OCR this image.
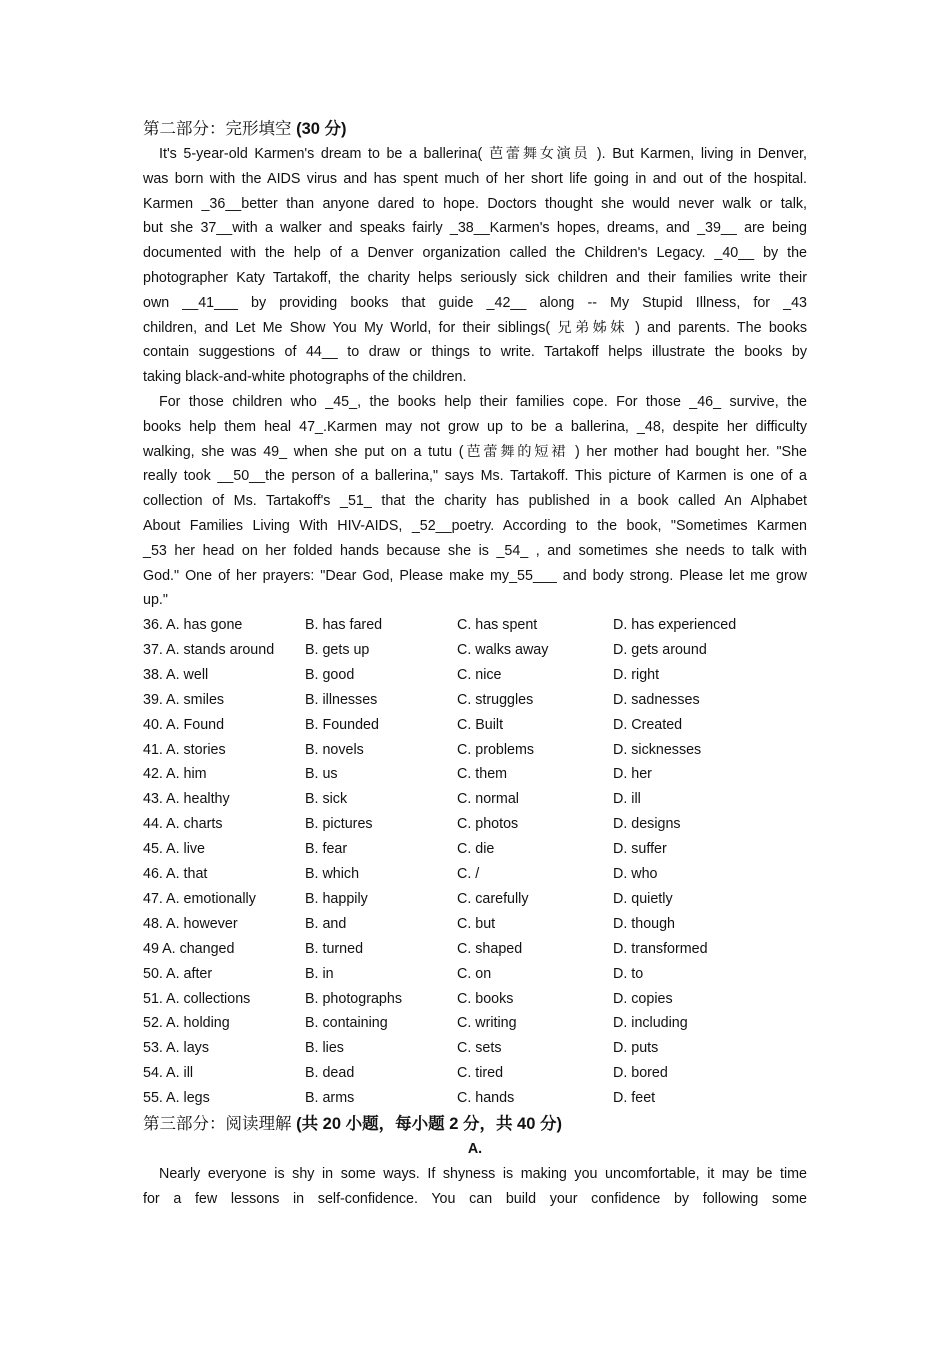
第二部分：完形填空 (30 分)
It's 5-year-old Karmen's dream to be a ballerina( 芭蕾舞女演员 ). But Karmen, living in Denver,
was born with the AIDS virus and has spent much of her short life going in and out of the hospital.
Karmen _36__better than anyone dared to hope. Doctors thought she would never walk or talk,
but she 37__with a walker and speaks fairly _38__Karmen's hopes, dreams, and _39__ are being
documented with the help of a Denver organization called the Children's Legacy. _40__ by the
photographer Katy Tartakoff, the charity helps seriously sick children and their families write their
own __41___ by providing books that guide _42__ along -- My Stupid Illness, for _43
children, and Let Me Show You My World, for their siblings( 兄弟姊妹 ) and parents. The books
contain suggestions of 44__ to draw or things to write. Tartakoff helps illustrate the books by
taking black-and-white photographs of the children.
For those children who _45_, the books help their families cope. For those _46_ survive, the
books help them heal 47_.Karmen may not grow up to be a ballerina, _48, despite her difficulty
walking, she was 49_ when she put on a tutu (芭蕾舞的短裙 ) her mother had bought her. "She
really took __50__the person of a ballerina," says Ms. Tartakoff. This picture of Karmen is one of a
collection of Ms. Tartakoff's _51_ that the charity has published in a book called An Alphabet
About Families Living With HIV-AIDS, _52__poetry. According to the book, "Sometimes Karmen
_53 her head on her folded hands because she is _54_ , and sometimes she needs to talk with
God." One of her prayers: "Dear God, Please make my_55___ and body strong. Please let me grow
up."
36. A. has gone	B. has fared	C. has spent	D. has experienced
37. A. stands around B. gets up	C. walks away	D. gets around
38. A. well	B. good	C. nice	D. right
39. A. smiles	B. illnesses	C. struggles	D. sadnesses
40. A. Found	B. Founded	C. Built	D. Created
41. A. stories	B. novels	C. problems	D. sicknesses
42. A. him	B. us	C. them	D. her
43. A. healthy	B. sick	C. normal	D. ill
44. A. charts	B. pictures	C. photos	D. designs
45. A. live	B. fear	C. die	D. suffer
46. A. that	B. which	C. /	D. who
47. A. emotionally	B. happily	C. carefully	D. quietly
48. A. however	B. and	C. but	D. though
49 A. changed	B. turned	C. shaped	D. transformed
50. A. after	B. in	C. on	D. to
51. A. collections	B. photographs	C. books	D. copies
52. A. holding	B. containing	C. writing	D. including
53. A. lays	B. lies	C. sets	D. puts
54. A. ill	B. dead	C. tired	D. bored
55. A. legs	B. arms	C. hands	D. feet
第三部分：阅读理解 (共 20 小题，每小题 2 分，共 40 分)
A.
Nearly everyone is shy in some ways. If shyness is making you uncomfortable, it may be time
for a few lessons in self-confidence. You can build your confidence by following some
